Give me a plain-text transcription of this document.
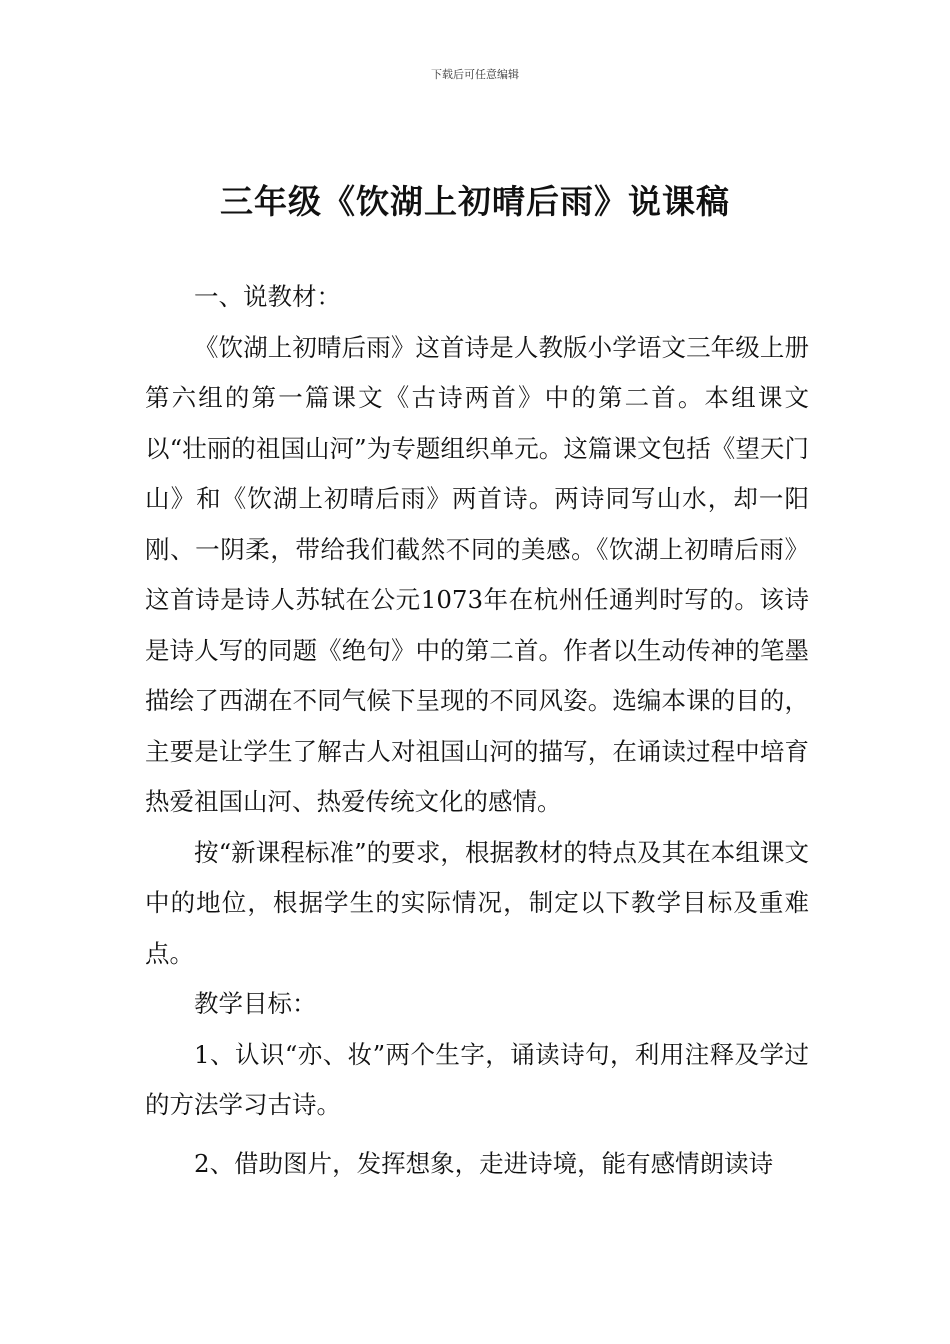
下载后可任意编辑
三年级《饮湖上初晴后雨》说课稿

一、说教材：

《饮湖上初晴后雨》这首诗是人教版小学语文三年级上册第六组的第一篇课文《古诗两首》中的第二首。本组课文以“壮丽的祖国山河”为专题组织单元。这篇课文包括《望天门山》和《饮湖上初晴后雨》两首诗。两诗同写山水，却一阳刚、一阴柔，带给我们截然不同的美感。《饮湖上初晴后雨》这首诗是诗人苏轼在公元1073年在杭州任通判时写的。该诗是诗人写的同题《绝句》中的第二首。作者以生动传神的笔墨描绘了西湖在不同气候下呈现的不同风姿。选编本课的目的，主要是让学生了解古人对祖国山河的描写，在诵读过程中培育热爱祖国山河、热爱传统文化的感情。

按“新课程标准”的要求，根据教材的特点及其在本组课文中的地位，根据学生的实际情况，制定以下教学目标及重难点。

教学目标：

1、认识“亦、妆”两个生字，诵读诗句，利用注释及学过的方法学习古诗。

2、借助图片，发挥想象，走进诗境，能有感情朗读诗
